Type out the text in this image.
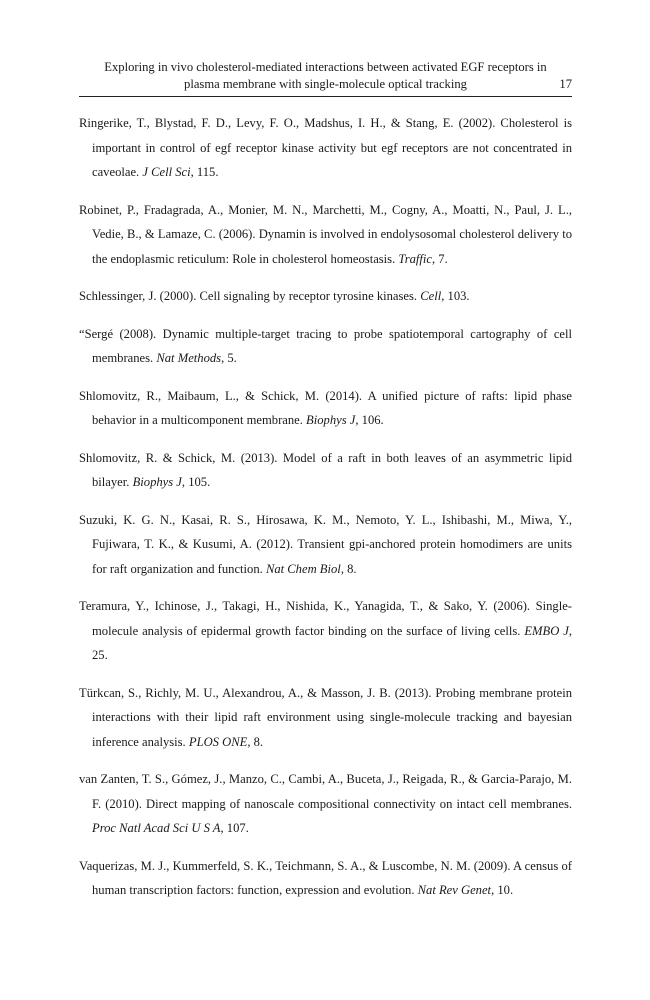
Exploring in vivo cholesterol-mediated interactions between activated EGF receptors in
plasma membrane with single-molecule optical tracking	17

Ringerike, T., Blystad, F. D., Levy, F. O., Madshus, I. H., & Stang, E. (2002). Cholesterol is important in control of egf receptor kinase activity but egf receptors are not concentrated in caveolae. J Cell Sci, 115.

Robinet, P., Fradagrada, A., Monier, M. N., Marchetti, M., Cogny, A., Moatti, N., Paul, J. L., Vedie, B., & Lamaze, C. (2006). Dynamin is involved in endolysosomal cholesterol delivery to the endoplasmic reticulum: Role in cholesterol homeostasis. Traffic, 7.

Schlessinger, J. (2000). Cell signaling by receptor tyrosine kinases. Cell, 103.

“Sergé (2008). Dynamic multiple-target tracing to probe spatiotemporal cartography of cell membranes. Nat Methods, 5.

Shlomovitz, R., Maibaum, L., & Schick, M. (2014). A unified picture of rafts: lipid phase behavior in a multicomponent membrane. Biophys J, 106.

Shlomovitz, R. & Schick, M. (2013). Model of a raft in both leaves of an asymmetric lipid bilayer. Biophys J, 105.

Suzuki, K. G. N., Kasai, R. S., Hirosawa, K. M., Nemoto, Y. L., Ishibashi, M., Miwa, Y., Fujiwara, T. K., & Kusumi, A. (2012). Transient gpi-anchored protein homodimers are units for raft organization and function. Nat Chem Biol, 8.

Teramura, Y., Ichinose, J., Takagi, H., Nishida, K., Yanagida, T., & Sako, Y. (2006). Single-molecule analysis of epidermal growth factor binding on the surface of living cells. EMBO J, 25.

Türkcan, S., Richly, M. U., Alexandrou, A., & Masson, J. B. (2013). Probing membrane protein interactions with their lipid raft environment using single-molecule tracking and bayesian inference analysis. PLOS ONE, 8.

van Zanten, T. S., Gómez, J., Manzo, C., Cambi, A., Buceta, J., Reigada, R., & Garcia-Parajo, M. F. (2010). Direct mapping of nanoscale compositional connectivity on intact cell membranes. Proc Natl Acad Sci U S A, 107.

Vaquerizas, M. J., Kummerfeld, S. K., Teichmann, S. A., & Luscombe, N. M. (2009). A census of human transcription factors: function, expression and evolution. Nat Rev Genet, 10.
